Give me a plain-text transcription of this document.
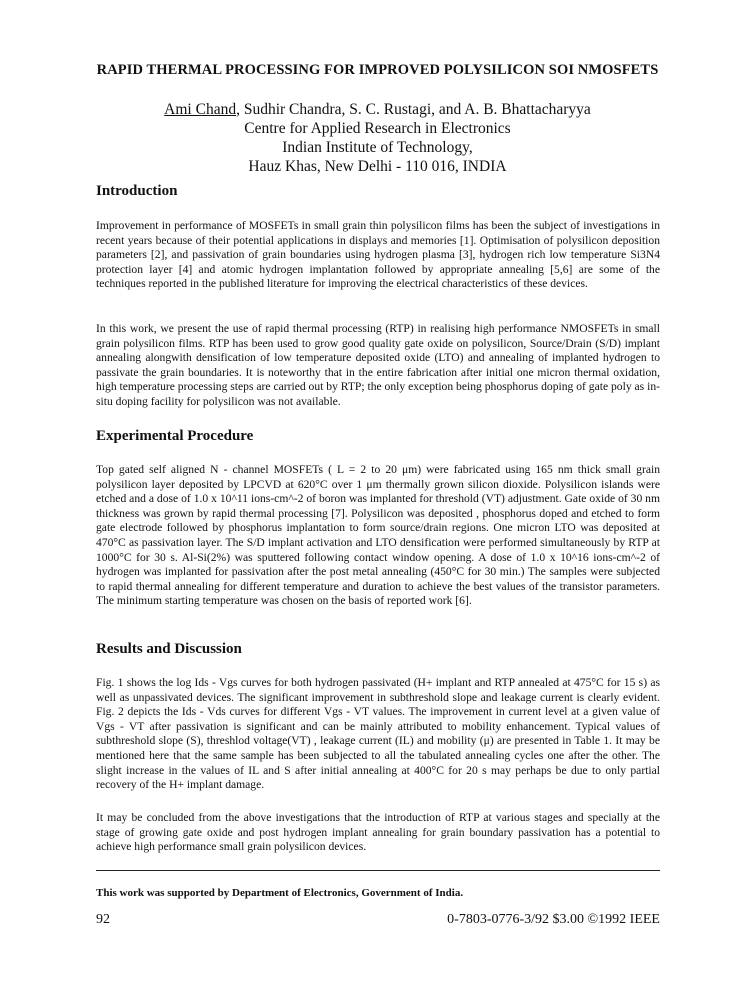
RAPID THERMAL PROCESSING FOR IMPROVED POLYSILICON SOI NMOSFETS
Ami Chand, Sudhir Chandra, S. C. Rustagi, and A. B. Bhattacharyya
Centre for Applied Research in Electronics
Indian Institute of Technology,
Hauz Khas, New Delhi - 110 016, INDIA
Introduction

Improvement in performance of MOSFETs in small grain thin polysilicon films has been the subject of investigations in recent years because of their potential applications in displays and memories [1]. Optimisation of polysilicon deposition parameters [2], and passivation of grain boundaries using hydrogen plasma [3], hydrogen rich low temperature Si3N4 protection layer [4] and atomic hydrogen implantation followed by appropriate annealing [5,6] are some of the techniques reported in the published literature for improving the electrical characteristics of these devices.

In this work, we present the use of rapid thermal processing (RTP) in realising high performance NMOSFETs in small grain polysilicon films. RTP has been used to grow good quality gate oxide on polysilicon, Source/Drain (S/D) implant annealing alongwith densification of low temperature deposited oxide (LTO) and annealing of implanted hydrogen to passivate the grain boundaries. It is noteworthy that in the entire fabrication after initial one micron thermal oxidation, high temperature processing steps are carried out by RTP; the only exception being phosphorus doping of gate poly as in-situ doping facility for polysilicon was not available.

Experimental Procedure

Top gated self aligned N - channel MOSFETs ( L = 2 to 20 μm) were fabricated using 165 nm thick small grain polysilicon layer deposited by LPCVD at 620°C over 1 μm thermally grown silicon dioxide. Polysilicon islands were etched and a dose of 1.0 x 10^11 ions-cm^-2 of boron was implanted for threshold (VT) adjustment. Gate oxide of 30 nm thickness was grown by rapid thermal processing [7]. Polysilicon was deposited , phosphorus doped and etched to form gate electrode followed by phosphorus implantation to form source/drain regions. One micron LTO was deposited at 470°C as passivation layer. The S/D implant activation and LTO densification were performed simultaneously by RTP at 1000°C for 30 s. Al-Si(2%) was sputtered following contact window opening. A dose of 1.0 x 10^16 ions-cm^-2 of hydrogen was implanted for passivation after the post metal annealing (450°C for 30 min.) The samples were subjected to rapid thermal annealing for different temperature and duration to achieve the best values of the transistor parameters. The minimum starting temperature was chosen on the basis of reported work [6].

Results and Discussion

Fig. 1 shows the log Ids - Vgs curves for both hydrogen passivated (H+ implant and RTP annealed at 475°C for 15 s) as well as unpassivated devices. The significant improvement in subthreshold slope and leakage current is clearly evident. Fig. 2 depicts the Ids - Vds curves for different Vgs - VT values. The improvement in current level at a given value of Vgs - VT after passivation is significant and can be mainly attributed to mobility enhancement. Typical values of subthreshold slope (S), threshlod voltage(VT) , leakage current (IL) and mobility (μ) are presented in Table 1. It may be mentioned here that the same sample has been subjected to all the tabulated annealing cycles one after the other. The slight increase in the values of IL and S after initial annealing at 400°C for 20 s may perhaps be due to only partial recovery of the H+ implant damage.

It may be concluded from the above investigations that the introduction of RTP at various stages and specially at the stage of growing gate oxide and post hydrogen implant annealing for grain boundary passivation has a potential to achieve high performance small grain polysilicon devices.

This work was supported by Department of Electronics, Government of India.
92	0-7803-0776-3/92 $3.00 ©1992 IEEE
